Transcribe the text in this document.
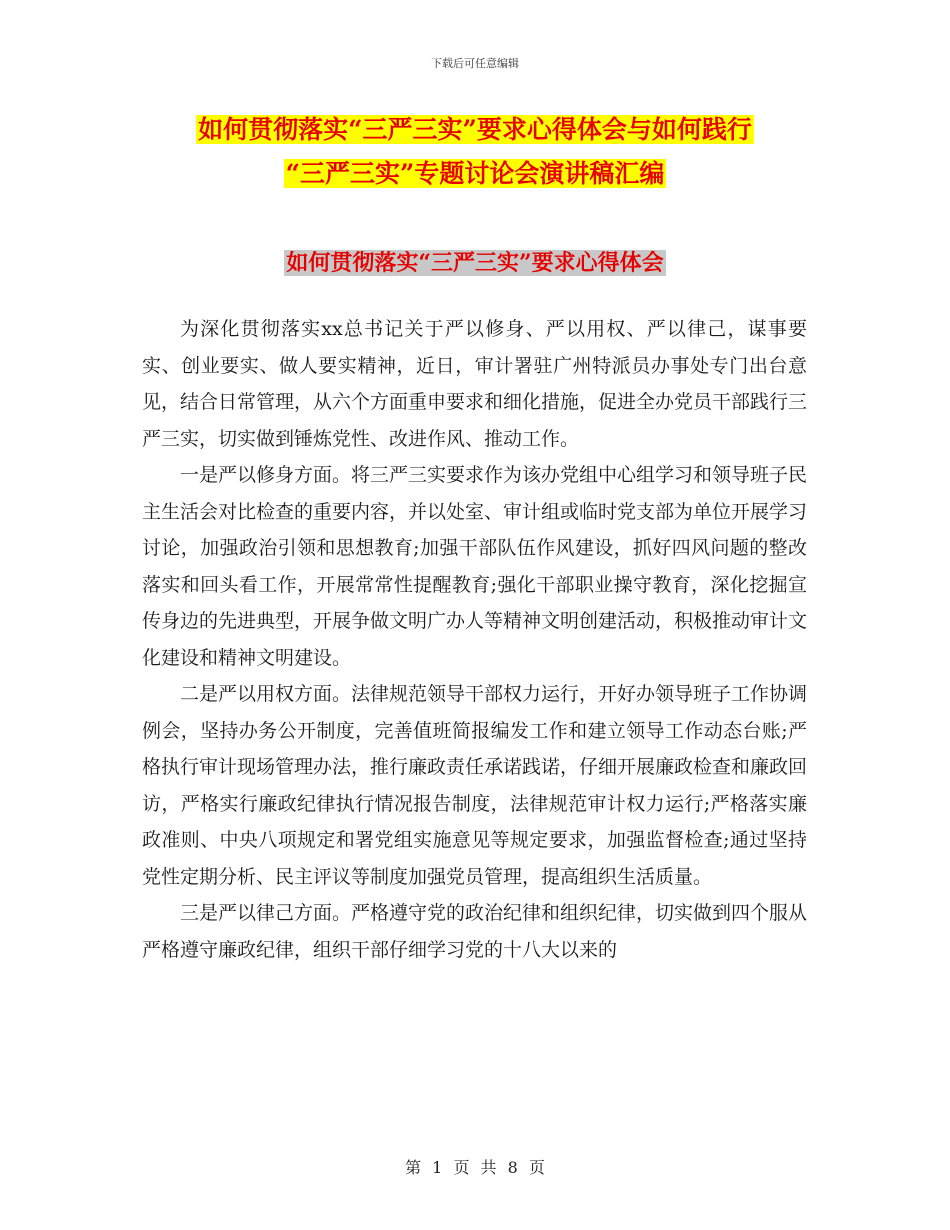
下载后可任意编辑
如何贯彻落实“三严三实”要求心得体会与如何践行
“三严三实”专题讨论会演讲稿汇编
如何贯彻落实“三严三实”要求心得体会

为深化贯彻落实xx总书记关于严以修身、严以用权、严以律己，谋事要实、创业要实、做人要实精神，近日，审计署驻广州特派员办事处专门出台意见，结合日常管理，从六个方面重申要求和细化措施，促进全办党员干部践行三严三实，切实做到锤炼党性、改进作风、推动工作。

一是严以修身方面。将三严三实要求作为该办党组中心组学习和领导班子民主生活会对比检查的重要内容，并以处室、审计组或临时党支部为单位开展学习讨论，加强政治引领和思想教育;加强干部队伍作风建设，抓好四风问题的整改落实和回头看工作，开展常常性提醒教育;强化干部职业操守教育，深化挖掘宣传身边的先进典型，开展争做文明广办人等精神文明创建活动，积极推动审计文化建设和精神文明建设。

二是严以用权方面。法律规范领导干部权力运行，开好办领导班子工作协调例会，坚持办务公开制度，完善值班简报编发工作和建立领导工作动态台账;严格执行审计现场管理办法，推行廉政责任承诺践诺，仔细开展廉政检查和廉政回访，严格实行廉政纪律执行情况报告制度，法律规范审计权力运行;严格落实廉政准则、中央八项规定和署党组实施意见等规定要求，加强监督检查;通过坚持党性定期分析、民主评议等制度加强党员管理，提高组织生活质量。

三是严以律己方面。严格遵守党的政治纪律和组织纪律，切实做到四个服从严格遵守廉政纪律，组织干部仔细学习党的十八大以来的

第 1 页 共 8 页
